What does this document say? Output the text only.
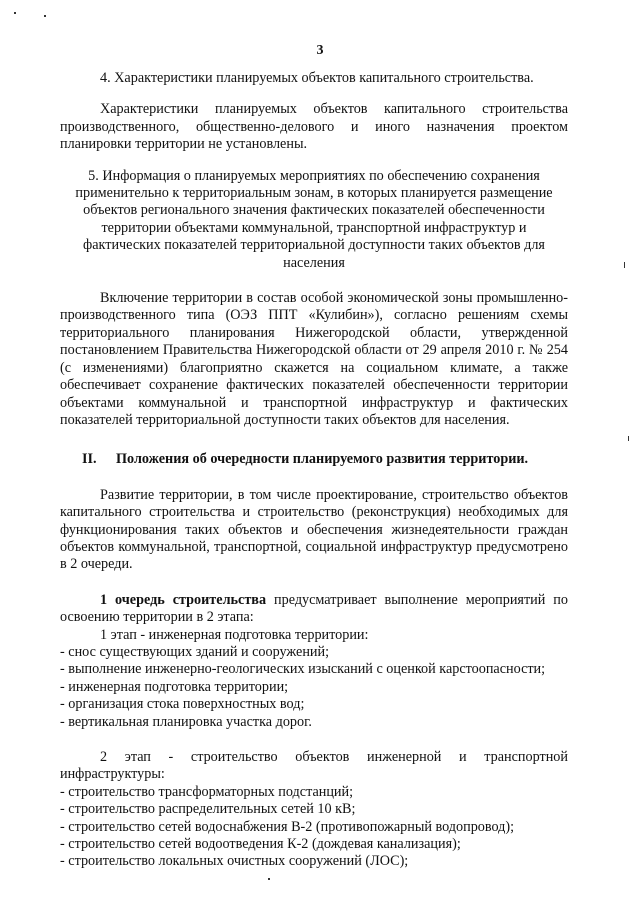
3

4. Характеристики планируемых объектов капитального строительства.

Характеристики планируемых объектов капитального строительства производственного, общественно-делового и иного назначения проектом планировки территории не установлены.

5. Информация о планируемых мероприятиях по обеспечению сохранения применительно к территориальным зонам, в которых планируется размещение объектов регионального значения фактических показателей обеспеченности территории объектами коммунальной, транспортной инфраструктур и фактических показателей территориальной доступности таких объектов для населения

Включение территории в состав особой экономической зоны промышленно-производственного типа (ОЭЗ ППТ «Кулибин»), согласно решениям схемы территориального планирования Нижегородской области, утвержденной постановлением Правительства Нижегородской области от 29 апреля 2010 г. № 254 (с изменениями) благоприятно скажется на социальном климате, а также обеспечивает сохранение фактических показателей обеспеченности территории объектами коммунальной и транспортной инфраструктур и фактических показателей территориальной доступности таких объектов для населения.

II.	Положения об очередности планируемого развития территории.

Развитие территории, в том числе проектирование, строительство объектов капитального строительства и строительство (реконструкция) необходимых для функционирования таких объектов и обеспечения жизнедеятельности граждан объектов коммунальной, транспортной, социальной инфраструктур предусмотрено в 2 очереди.

1 очередь строительства предусматривает выполнение мероприятий по освоению территории в 2 этапа:

1 этап - инженерная подготовка территории:

- снос существующих зданий и сооружений;
- выполнение инженерно-геологических изысканий с оценкой карстоопасности;
- инженерная подготовка территории;
- организация стока поверхностных вод;
- вертикальная планировка участка дорог.
2 этап - строительство объектов инженерной и транспортной

инфраструктуры:

- строительство трансформаторных подстанций;
- строительство распределительных сетей 10 кВ;
- строительство сетей водоснабжения В-2 (противопожарный водопровод);
- строительство сетей водоотведения К-2 (дождевая канализация);
- строительство локальных очистных сооружений (ЛОС);
